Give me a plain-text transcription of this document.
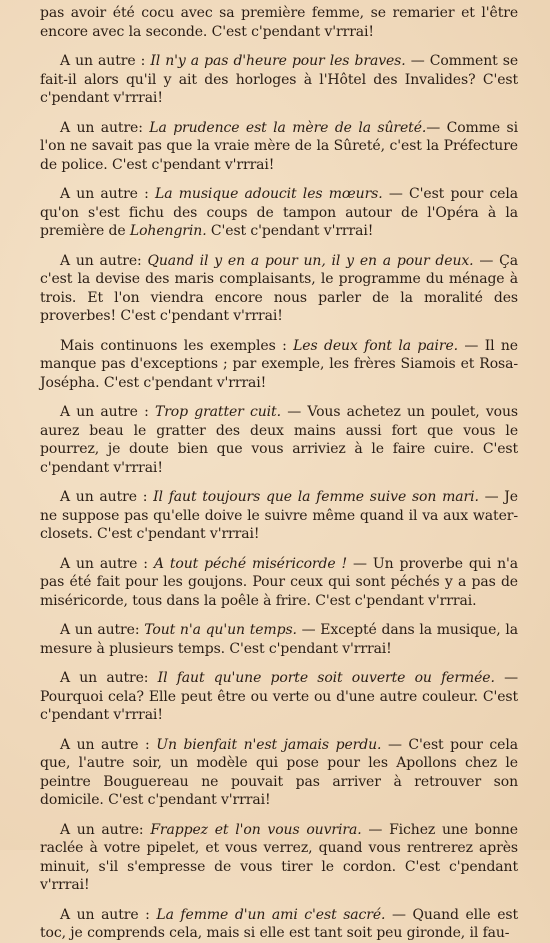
pas avoir été cocu avec sa première femme, se remarier et l'être encore avec la seconde. C'est c'pendant v'rrrai!

A un autre : Il n'y a pas d'heure pour les braves. — Comment se fait-il alors qu'il y ait des horloges à l'Hôtel des Invalides? C'est c'pendant v'rrrai!

A un autre: La prudence est la mère de la sûreté.— Comme si l'on ne savait pas que la vraie mère de la Sûreté, c'est la Préfecture de police. C'est c'pendant v'rrrai!

A un autre : La musique adoucit les mœurs. — C'est pour cela qu'on s'est fichu des coups de tampon autour de l'Opéra à la première de Lohengrin. C'est c'pendant v'rrrai!

A un autre: Quand il y en a pour un, il y en a pour deux. — Ça c'est la devise des maris complaisants, le programme du ménage à trois. Et l'on viendra encore nous parler de la moralité des proverbes! C'est c'pendant v'rrrai!

Mais continuons les exemples : Les deux font la paire. — Il ne manque pas d'exceptions ; par exemple, les frères Siamois et Rosa-Josépha. C'est c'pendant v'rrrai!

A un autre : Trop gratter cuit. — Vous achetez un poulet, vous aurez beau le gratter des deux mains aussi fort que vous le pourrez, je doute bien que vous arriviez à le faire cuire. C'est c'pendant v'rrrai!

A un autre : Il faut toujours que la femme suive son mari. — Je ne suppose pas qu'elle doive le suivre même quand il va aux water-closets. C'est c'pendant v'rrrai!

A un autre : A tout péché miséricorde ! — Un proverbe qui n'a pas été fait pour les goujons. Pour ceux qui sont péchés y a pas de miséricorde, tous dans la poêle à frire. C'est c'pendant v'rrrai.

A un autre: Tout n'a qu'un temps. — Excepté dans la musique, la mesure à plusieurs temps. C'est c'pendant v'rrrai!

A un autre: Il faut qu'une porte soit ouverte ou fermée. — Pourquoi cela? Elle peut être ou verte ou d'une autre couleur. C'est c'pendant v'rrrai!

A un autre : Un bienfait n'est jamais perdu. — C'est pour cela que, l'autre soir, un modèle qui pose pour les Apollons chez le peintre Bouguereau ne pouvait pas arriver à retrouver son domicile. C'est c'pendant v'rrrai!

A un autre: Frappez et l'on vous ouvrira. — Fichez une bonne raclée à votre pipelet, et vous verrez, quand vous rentrerez après minuit, s'il s'empresse de vous tirer le cordon. C'est c'pendant v'rrrai!

A un autre : La femme d'un ami c'est sacré. — Quand elle est toc, je comprends cela, mais si elle est tant soit peu gironde, il fau-
